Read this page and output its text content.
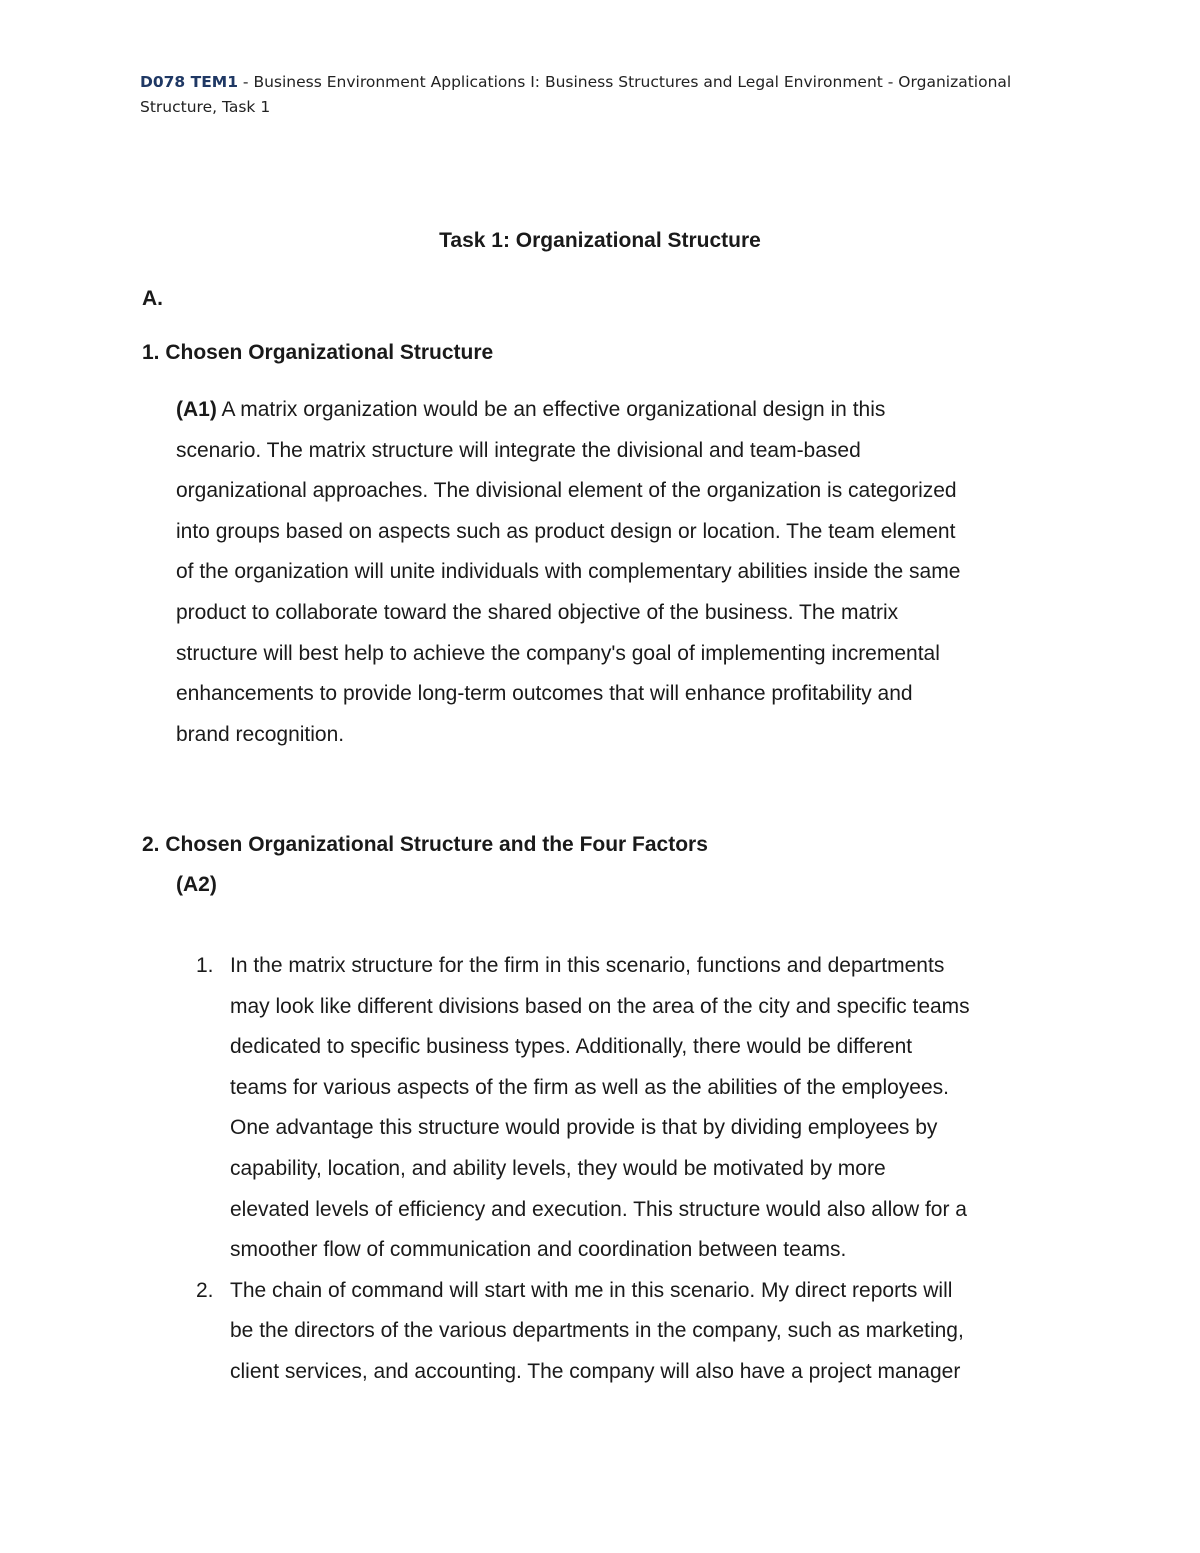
D078 TEM1 - Business Environment Applications I: Business Structures and Legal Environment - Organizational
Structure, Task 1
Task 1: Organizational Structure
A.
1. Chosen Organizational Structure
(A1) A matrix organization would be an effective organizational design in this
scenario. The matrix structure will integrate the divisional and team-based
organizational approaches. The divisional element of the organization is categorized
into groups based on aspects such as product design or location. The team element
of the organization will unite individuals with complementary abilities inside the same
product to collaborate toward the shared objective of the business. The matrix
structure will best help to achieve the company's goal of implementing incremental
enhancements to provide long-term outcomes that will enhance profitability and
brand recognition.
2. Chosen Organizational Structure and the Four Factors
(A2)
1. In the matrix structure for the firm in this scenario, functions and departments
may look like different divisions based on the area of the city and specific teams
dedicated to specific business types. Additionally, there would be different
teams for various aspects of the firm as well as the abilities of the employees.
One advantage this structure would provide is that by dividing employees by
capability, location, and ability levels, they would be motivated by more
elevated levels of efficiency and execution. This structure would also allow for a
smoother flow of communication and coordination between teams.
2. The chain of command will start with me in this scenario. My direct reports will
be the directors of the various departments in the company, such as marketing,
client services, and accounting. The company will also have a project manager
